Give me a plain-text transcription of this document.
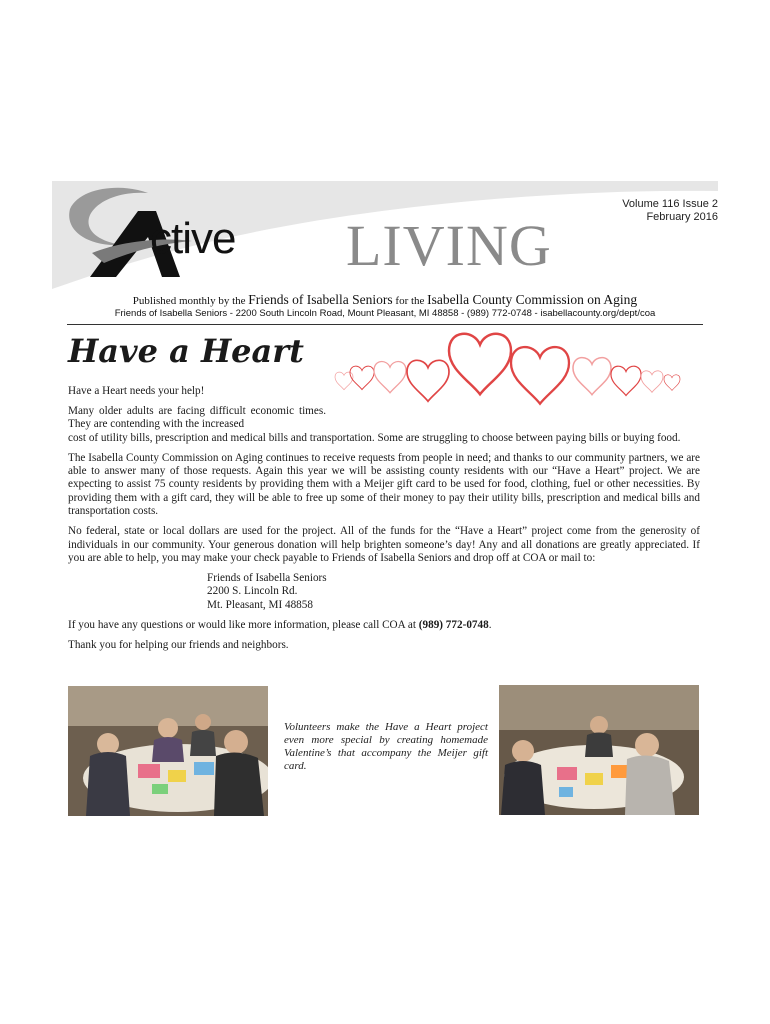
Volume 116 Issue 2
February 2016
ctive LIVING
Published monthly by the Friends of Isabella Seniors for the Isabella County Commission on Aging
Friends of Isabella Seniors - 2200 South Lincoln Road, Mount Pleasant, MI 48858 - (989) 772-0748 - isabellacounty.org/dept/coa
Have a Heart

Have a Heart needs your help!

Many older adults are facing difficult economic times. They are contending with the increased
cost of utility bills, prescription and medical bills and transportation. Some are struggling to choose between paying bills or buying food.

The Isabella County Commission on Aging continues to receive requests from people in need; and thanks to our community partners, we are able to answer many of those requests. Again this year we will be assisting county residents with our “Have a Heart” project. We are expecting to assist 75 county residents by providing them with a Meijer gift card to be used for food, clothing, fuel or other necessities. By providing them with a gift card, they will be able to free up some of their money to pay their utility bills, prescription and medical bills and transportation costs.

No federal, state or local dollars are used for the project. All of the funds for the “Have a Heart” project come from the generosity of individuals in our community. Your generous donation will help brighten someone’s day! Any and all donations are greatly appreciated. If you are able to help, you may make your check payable to Friends of Isabella Seniors and drop off at COA or mail to:

Friends of Isabella Seniors
2200 S. Lincoln Rd.
Mt. Pleasant, MI 48858

If you have any questions or would like more information, please call COA at (989) 772-0748.

Thank you for helping our friends and neighbors.

Volunteers make the Have a Heart project even more special by creating homemade Valentine’s that accompany the Meijer gift card.
